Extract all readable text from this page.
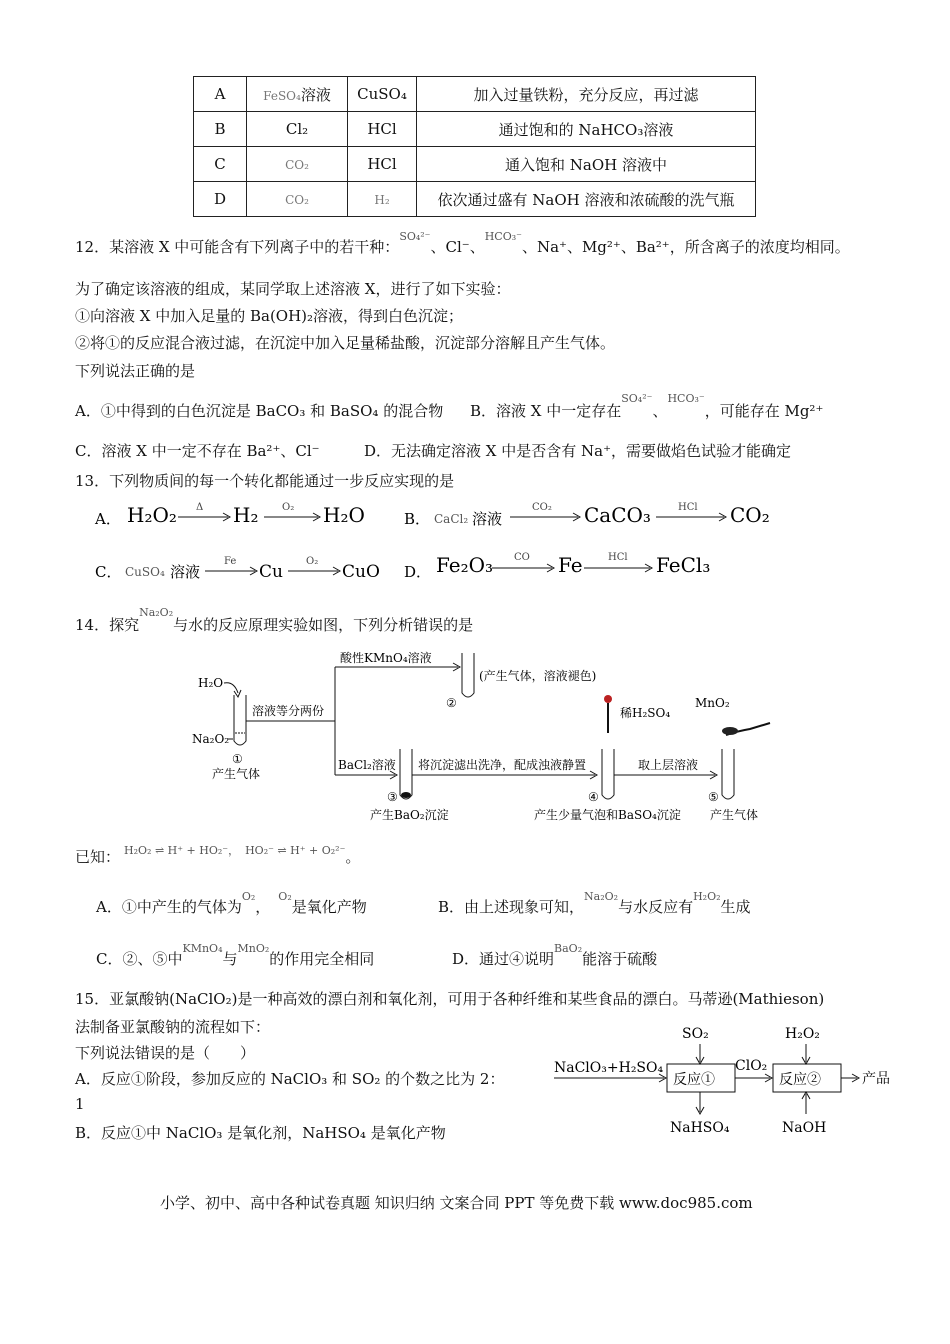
A	FeSO₄溶液	CuSO₄	加入过量铁粉，充分反应，再过滤
B	Cl₂	HCl	通过饱和的 NaHCO₃溶液
C	CO₂	HCl	通入饱和 NaOH 溶液中
D	CO₂	H₂	依次通过盛有 NaOH 溶液和浓硫酸的洗气瓶
12．某溶液 X 中可能含有下列离子中的若干种：$^{SO_4^{2-}}$、Cl⁻、$^{HCO_3^-}$、Na⁺、Mg²⁺、Ba²⁺，所含离子的浓度均相同。
为了确定该溶液的组成，某同学取上述溶液 X，进行了如下实验：
①向溶液 X 中加入足量的 Ba(OH)₂溶液，得到白色沉淀；
②将①的反应混合液过滤，在沉淀中加入足量稀盐酸，沉淀部分溶解且产生气体。
下列说法正确的是
A．①中得到的白色沉淀是 BaCO₃ 和 BaSO₄ 的混合物 B．溶液 X 中一定存在$^{SO_4^{2-}}$、$^{HCO_3^-}$，可能存在 Mg²⁺
C．溶液 X 中一定不存在 Ba²⁺、Cl⁻	D．无法确定溶液 X 中是否含有 Na⁺，需要做焰色试验才能确定
13．下列物质间的每一个转化都能通过一步反应实现的是
A． H₂O₂ Δ H₂ O₂ H₂O	B． CaCl₂ 溶液
CO₂ CaCO₃	HCl CO₂
C． CuSO₄ 溶液
Fe
Cu
O₂
CuO D． Fe₂O₃ CO Fe	HCl FeCl₃
14．探究$^{Na_2O_2}$与水的反应原理实验如图，下列分析错误的是
H₂O
Na₂O₂
①
产生气体
溶液等分两份
酸性KMnO₄溶液
(产生气体，溶液褪色)
②
BaCl₂溶液
③
产生BaO₂沉淀
将沉淀滤出洗净，配成浊液静置
稀H₂SO₄
④
产生少量气泡和BaSO₄沉淀
取上层溶液
MnO₂
⑤
产生气体
已知： H₂O₂ ⇌ H⁺ + HO₂⁻， HO₂⁻ ⇌ H⁺ + O₂²⁻。
A．①中产生的气体为$^{O_2}$，$^{O_2}$是氧化产物	B．由上述现象可知，$^{Na_2O_2}$与水反应有$^{H_2O_2}$生成
C．②、⑤中$^{KMnO_4}$与$^{MnO_2}$的作用完全相同	D．通过④说明$^{BaO_2}$能溶于硫酸
15．亚氯酸钠(NaClO₂)是一种高效的漂白剂和氧化剂，可用于各种纤维和某些食品的漂白。马蒂逊(Mathieson)
法制备亚氯酸钠的流程如下：
下列说法错误的是（　　）
A．反应①阶段，参加反应的 NaClO₃ 和 SO₂ 的个数之比为 2：
1
B．反应①中 NaClO₃ 是氧化剂，NaHSO₄ 是氧化产物
NaClO₃+H₂SO₄
SO₂
反应①
NaHSO₄
ClO₂
H₂O₂
反应②
NaOH
产品
小学、初中、高中各种试卷真题 知识归纳 文案合同 PPT 等免费下载 www.doc985.com
